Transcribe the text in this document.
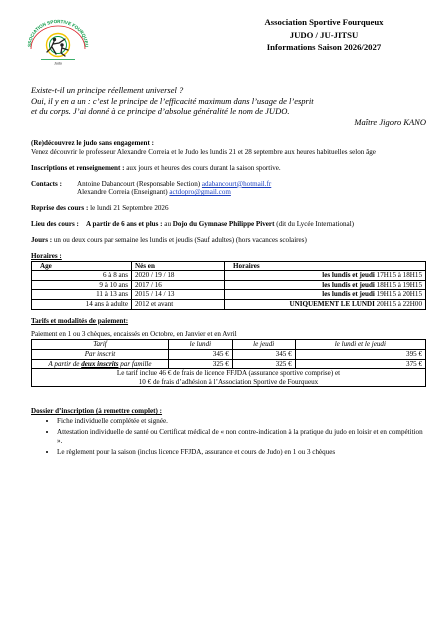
SSOCIATION SPORTIVE FOURQUEU
Judo
Association Sportive Fourqueux
JUDO / JU-JITSU
Informations Saison 2026/2027
Existe-t-il un principe réellement universel ?
Oui, il y en a un : c’est le principe de l’efficacité maximum dans l’usage de l’esprit
et du corps. J’ai donné à ce principe d’absolue généralité le nom de JUDO.
Maître Jigoro KANO

(Re)découvrez le judo sans engagement :

Venez découvrir le professeur Alexandre Correia et le Judo les lundis 21 et 28 septembre aux heures habituelles selon âge

Inscriptions et renseignement : aux jours et heures des cours durant la saison sportive.

Contacts :	Antoine Dabancourt (Responsable Section) adabancourt@hotmail.fr
Alexandre Correia (Enseignant) actdopro@gmail.com

Reprise des cours : le lundi 21 Septembre 2026

Lieu des cours : A partir de 6 ans et plus : au Dojo du Gymnase Philippe Pivert (dit du Lycée International)

Jours : un ou deux cours par semaine les lundis et jeudis (Sauf adultes) (hors vacances scolaires)

Horaires :

Age	Nés en	Horaires
6 à 8 ans	2020 / 19 / 18	les lundis et jeudi 17H15 à 18H15
9 à 10 ans	2017 / 16	les lundis et jeudi 18H15 à 19H15
11 à 13 ans	2015 / 14 / 13	les lundis et jeudi 19H15 à 20H15
14 ans à adulte	2012 et avant	UNIQUEMENT LE LUNDI 20H15 à 22H00

Tarifs et modalités de paiement:

Paiement en 1 ou 3 chèques, encaissés en Octobre, en Janvier et en Avril

Tarif	le lundi	le jeudi	le lundi et le jeudi
Par inscrit	345 €	345 €	395 €
A partir de deux inscrits par famille	325 €	325 €	375 €

Le tarif inclue 46 € de frais de licence FFJDA (assurance sportive comprise) et
10 € de frais d’adhésion à l’Association Sportive de Fourqueux			

Dossier d’inscription (à remettre complet) :

• Fiche individuelle complétée et signée.
• Attestation individuelle de santé ou Certificat médical de « non contre-indication à la pratique du judo en loisir et en compétition ».
• Le règlement pour la saison (inclus licence FFJDA, assurance et cours de Judo) en 1 ou 3 chèques
